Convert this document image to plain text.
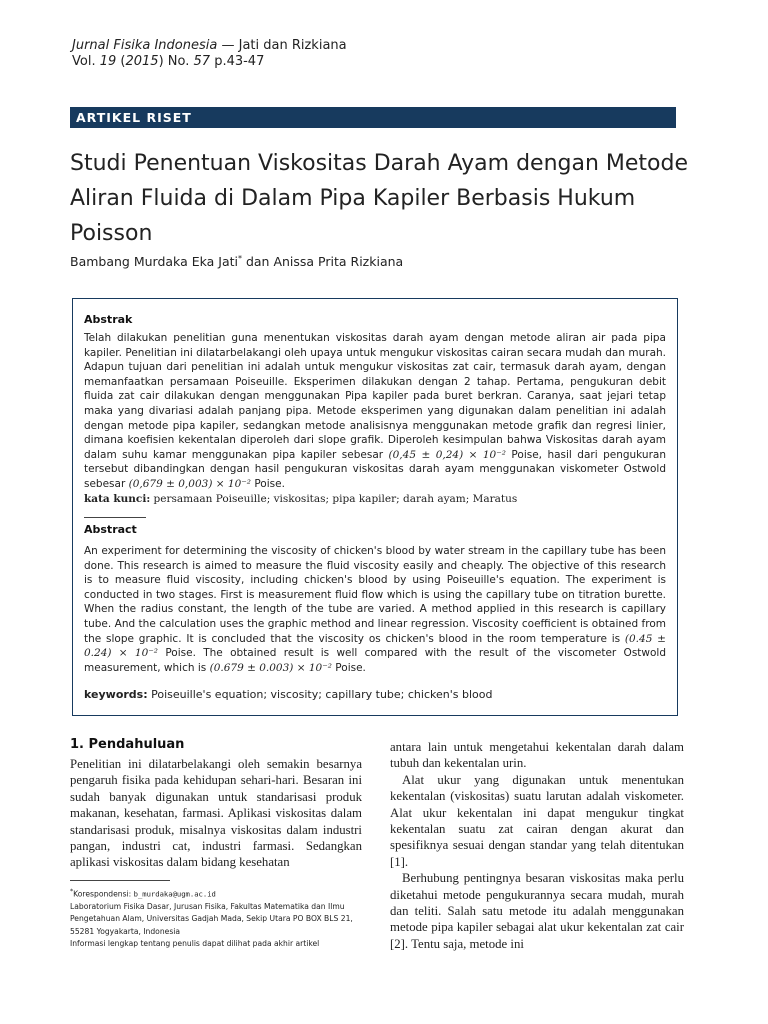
Jurnal Fisika Indonesia — Jati dan Rizkiana
Vol. 19 (2015) No. 57 p.43-47
ARTIKEL RISET
Studi Penentuan Viskositas Darah Ayam dengan Metode Aliran Fluida di Dalam Pipa Kapiler Berbasis Hukum Poisson
Bambang Murdaka Eka Jati* dan Anissa Prita Rizkiana
Abstrak
Telah dilakukan penelitian guna menentukan viskositas darah ayam dengan metode aliran air pada pipa kapiler. Penelitian ini dilatarbelakangi oleh upaya untuk mengukur viskositas cairan secara mudah dan murah. Adapun tujuan dari penelitian ini adalah untuk mengukur viskositas zat cair, termasuk darah ayam, dengan memanfaatkan persamaan Poiseuille. Eksperimen dilakukan dengan 2 tahap. Pertama, pengukuran debit fluida zat cair dilakukan dengan menggunakan Pipa kapiler pada buret berkran. Caranya, saat jejari tetap maka yang divariasi adalah panjang pipa. Metode eksperimen yang digunakan dalam penelitian ini adalah dengan metode pipa kapiler, sedangkan metode analisisnya menggunakan metode grafik dan regresi linier, dimana koefisien kekentalan diperoleh dari slope grafik. Diperoleh kesimpulan bahwa Viskositas darah ayam dalam suhu kamar menggunakan pipa kapiler sebesar (0,45 ± 0,24) × 10⁻² Poise, hasil dari pengukuran tersebut dibandingkan dengan hasil pengukuran viskositas darah ayam menggunakan viskometer Ostwold sebesar (0,679 ± 0,003) × 10⁻² Poise.
kata kunci: persamaan Poiseuille; viskositas; pipa kapiler; darah ayam; Maratus
Abstract
An experiment for determining the viscosity of chicken's blood by water stream in the capillary tube has been done. This research is aimed to measure the fluid viscosity easily and cheaply. The objective of this research is to measure fluid viscosity, including chicken's blood by using Poiseuille's equation. The experiment is conducted in two stages. First is measurement fluid flow which is using the capillary tube on titration burette. When the radius constant, the length of the tube are varied. A method applied in this research is capillary tube. And the calculation uses the graphic method and linear regression. Viscosity coefficient is obtained from the slope graphic. It is concluded that the viscosity os chicken's blood in the room temperature is (0.45 ± 0.24) × 10⁻² Poise. The obtained result is well compared with the result of the viscometer Ostwold measurement, which is (0.679 ± 0.003) × 10⁻² Poise.
keywords: Poiseuille's equation; viscosity; capillary tube; chicken's blood
1. Pendahuluan

Penelitian ini dilatarbelakangi oleh semakin besarnya pengaruh fisika pada kehidupan sehari-hari. Besaran ini sudah banyak digunakan untuk standarisasi produk makanan, kesehatan, farmasi. Aplikasi viskositas dalam standarisasi produk, misalnya viskositas dalam industri pangan, industri cat, industri farmasi. Sedangkan aplikasi viskositas dalam bidang kesehatan

antara lain untuk mengetahui kekentalan darah dalam tubuh dan kekentalan urin.

Alat ukur yang digunakan untuk menentukan kekentalan (viskositas) suatu larutan adalah viskometer. Alat ukur kekentalan ini dapat mengukur tingkat kekentalan suatu zat cairan dengan akurat dan spesifiknya sesuai dengan standar yang telah ditentukan [1].

Berhubung pentingnya besaran viskositas maka perlu diketahui metode pengukurannya secara mudah, murah dan teliti. Salah satu metode itu adalah menggunakan metode pipa kapiler sebagai alat ukur kekentalan zat cair [2]. Tentu saja, metode ini

*Korespondensi: b_murdaka@ugm.ac.id

Laboratorium Fisika Dasar, Jurusan Fisika, Fakultas Matematika dan Ilmu Pengetahuan Alam, Universitas Gadjah Mada, Sekip Utara PO BOX BLS 21, 55281 Yogyakarta, Indonesia

Informasi lengkap tentang penulis dapat dilihat pada akhir artikel
